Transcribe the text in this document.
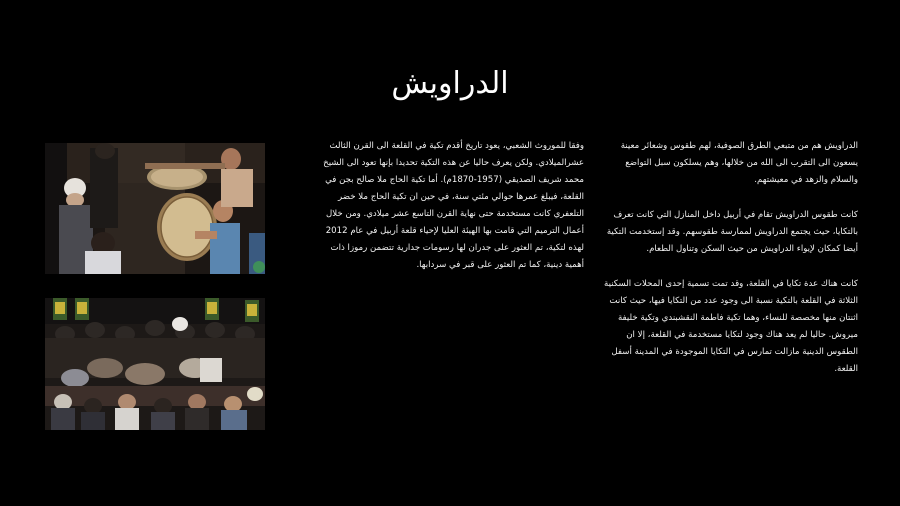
الدراويش

الدراويش هم من متبعي الطرق الصوفية، لهم طقوس وشعائر معينة يسعون الى التقرب الى الله من خلالها، وهم يسلكون سبل التواضع والسلام والزهد في معيشتهم.

كانت طقوس الدراويش تقام في أربيل داخل المنازل التي كانت تعرف بالتكايا، حيث يجتمع الدراويش لممارسة طقوسهم. وقد إستخدمت التكية أيضا كمكان لإيواء الدراويش من حيث السكن وتناول الطعام.

كانت هناك عدة تكايا في القلعة، وقد تمت تسمية إحدى المحلات السكنية الثلاثة في القلعة بالتكية نسبة الى وجود عدد من التكايا فيها، حيث كانت اثنتان منها مخصصة للنساء، وهما تكية فاطمة النقشبندي وتكية خليفة ميروش. حاليا لم يعد هناك وجود لتكايا مستخدمة في القلعة، إلا ان الطقوس الدينية مازالت تمارس في التكايا الموجودة في المدينة أسفل القلعة.

وفقا للموروث الشعبي، يعود تاريخ أقدم تكية في القلعة الى القرن الثالث عشرالميلادي. ولكن يعرف حاليا عن هذه التكية تحديدا بإنها تعود الى الشيخ محمد شريف الصديقي (1957-1870م). أما تكية الحاج ملا صالح بجن في القلعة، فيبلغ عمرها حوالي مئتي سنة، في حين ان تكية الحاج ملا خضر التلعفري كانت مستخدمة حتى نهاية القرن التاسع عشر ميلادي. ومن خلال أعمال الترميم التي قامت بها الهيئة العليا لإحياء قلعة أربيل في عام 2012 لهذه لتكية، تم العثور على جدران لها رسومات جدارية تتضمن رموزا ذات أهمية دينية، كما تم العثور على قبر في سردابها.
